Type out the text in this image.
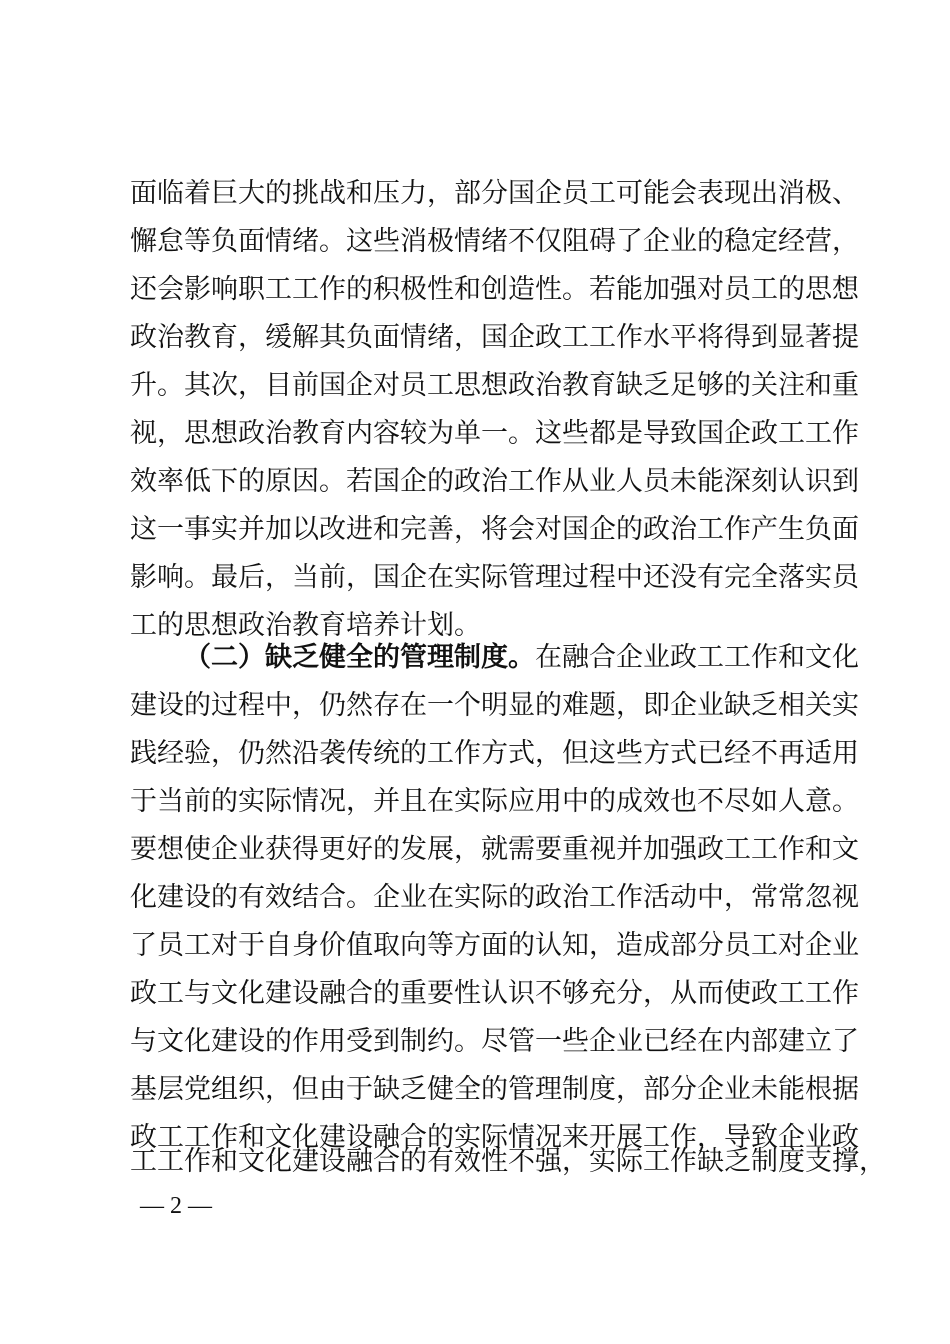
面临着巨大的挑战和压力，部分国企员工可能会表现出消极、
懈怠等负面情绪。这些消极情绪不仅阻碍了企业的稳定经营，
还会影响职工工作的积极性和创造性。若能加强对员工的思想
政治教育，缓解其负面情绪，国企政工工作水平将得到显著提
升。其次，目前国企对员工思想政治教育缺乏足够的关注和重
视，思想政治教育内容较为单一。这些都是导致国企政工工作
效率低下的原因。若国企的政治工作从业人员未能深刻认识到
这一事实并加以改进和完善，将会对国企的政治工作产生负面
影响。最后，当前，国企在实际管理过程中还没有完全落实员
工的思想政治教育培养计划。
（二）缺乏健全的管理制度。在融合企业政工工作和文化
建设的过程中，仍然存在一个明显的难题，即企业缺乏相关实
践经验，仍然沿袭传统的工作方式，但这些方式已经不再适用
于当前的实际情况，并且在实际应用中的成效也不尽如人意。
要想使企业获得更好的发展，就需要重视并加强政工工作和文
化建设的有效结合。企业在实际的政治工作活动中，常常忽视
了员工对于自身价值取向等方面的认知，造成部分员工对企业
政工与文化建设融合的重要性认识不够充分，从而使政工工作
与文化建设的作用受到制约。尽管一些企业已经在内部建立了
基层党组织，但由于缺乏健全的管理制度，部分企业未能根据
政工工作和文化建设融合的实际情况来开展工作，导致企业政
工工作和文化建设融合的有效性不强，实际工作缺乏制度支撑，
— 2 —
